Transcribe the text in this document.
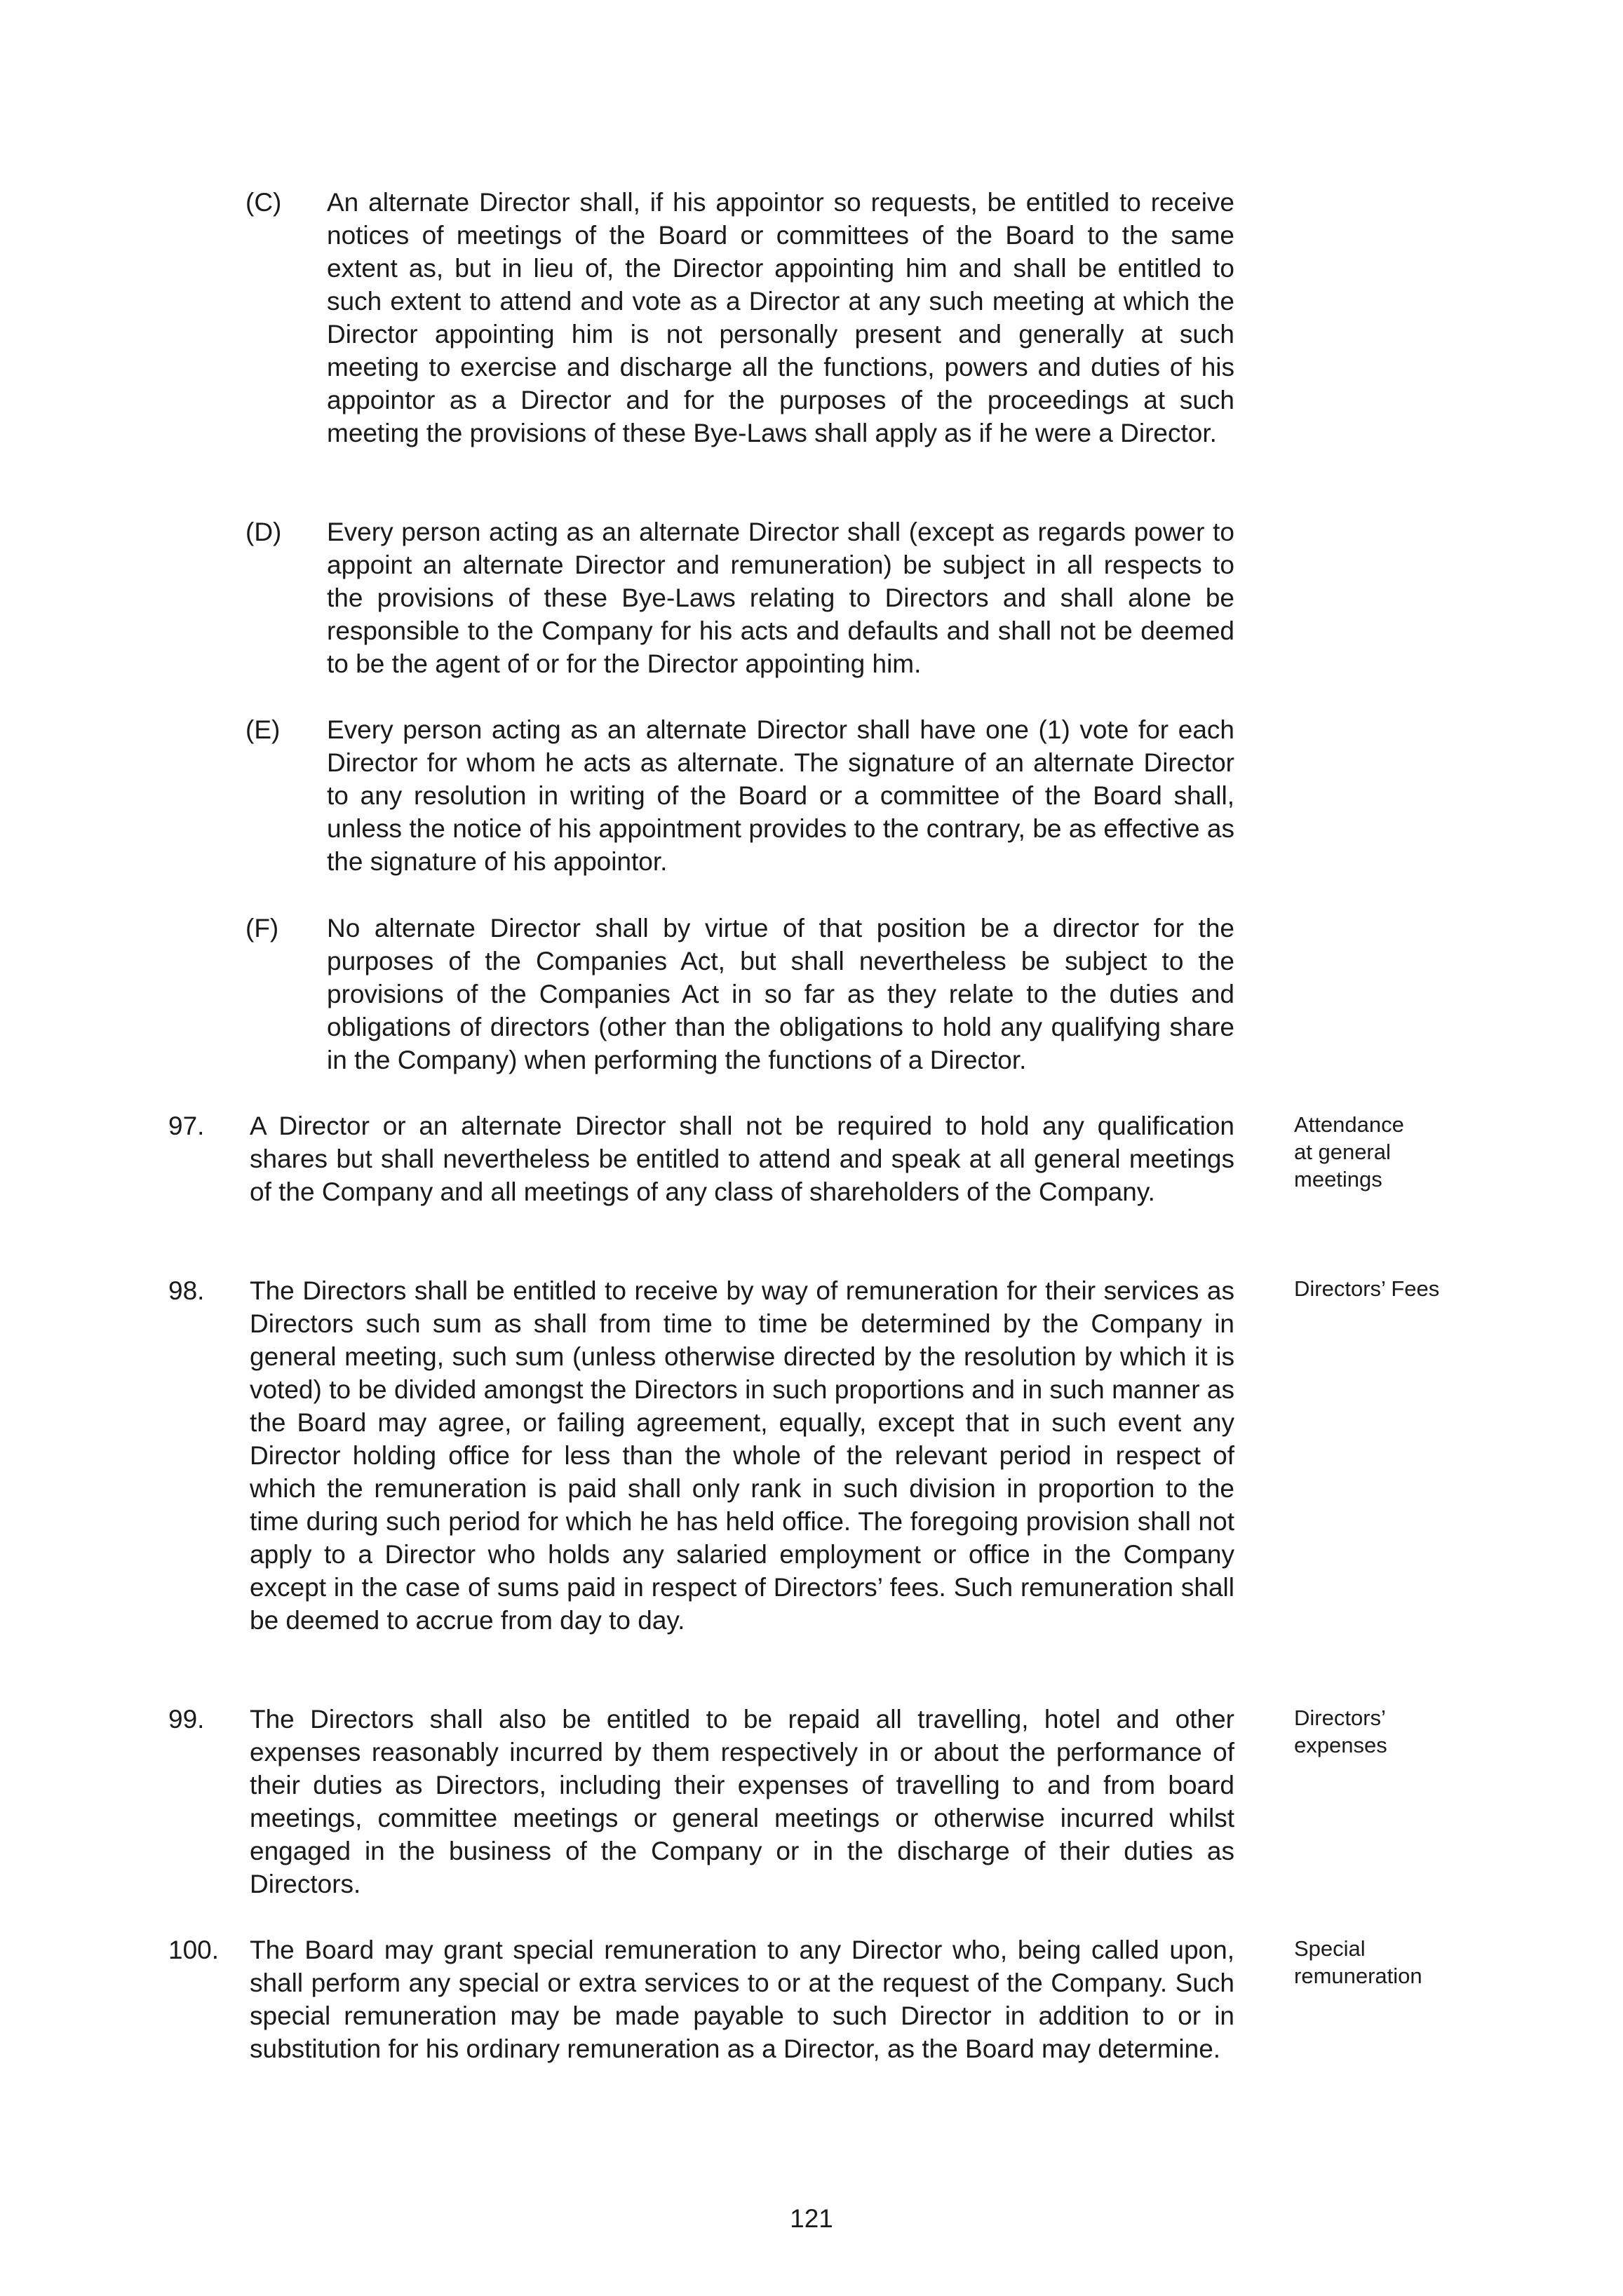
(C) An alternate Director shall, if his appointor so requests, be entitled to receive notices of meetings of the Board or committees of the Board to the same extent as, but in lieu of, the Director appointing him and shall be entitled to such extent to attend and vote as a Director at any such meeting at which the Director appointing him is not personally present and generally at such meeting to exercise and discharge all the functions, powers and duties of his appointor as a Director and for the purposes of the proceedings at such meeting the provisions of these Bye-Laws shall apply as if he were a Director.
(D) Every person acting as an alternate Director shall (except as regards power to appoint an alternate Director and remuneration) be subject in all respects to the provisions of these Bye-Laws relating to Directors and shall alone be responsible to the Company for his acts and defaults and shall not be deemed to be the agent of or for the Director appointing him.
(E) Every person acting as an alternate Director shall have one (1) vote for each Director for whom he acts as alternate. The signature of an alternate Director to any resolution in writing of the Board or a committee of the Board shall, unless the notice of his appointment provides to the contrary, be as effective as the signature of his appointor.
(F) No alternate Director shall by virtue of that position be a director for the purposes of the Companies Act, but shall nevertheless be subject to the provisions of the Companies Act in so far as they relate to the duties and obligations of directors (other than the obligations to hold any qualifying share in the Company) when performing the functions of a Director.
97. A Director or an alternate Director shall not be required to hold any qualification shares but shall nevertheless be entitled to attend and speak at all general meetings of the Company and all meetings of any class of shareholders of the Company.
Attendance
at general
meetings
98. The Directors shall be entitled to receive by way of remuneration for their services as Directors such sum as shall from time to time be determined by the Company in general meeting, such sum (unless otherwise directed by the resolution by which it is voted) to be divided amongst the Directors in such proportions and in such manner as the Board may agree, or failing agreement, equally, except that in such event any Director holding office for less than the whole of the relevant period in respect of which the remuneration is paid shall only rank in such division in proportion to the time during such period for which he has held office. The foregoing provision shall not apply to a Director who holds any salaried employment or office in the Company except in the case of sums paid in respect of Directors’ fees. Such remuneration shall be deemed to accrue from day to day.
Directors’ Fees
99. The Directors shall also be entitled to be repaid all travelling, hotel and other expenses reasonably incurred by them respectively in or about the performance of their duties as Directors, including their expenses of travelling to and from board meetings, committee meetings or general meetings or otherwise incurred whilst engaged in the business of the Company or in the discharge of their duties as Directors.
Directors’
expenses
100. The Board may grant special remuneration to any Director who, being called upon, shall perform any special or extra services to or at the request of the Company. Such special remuneration may be made payable to such Director in addition to or in substitution for his ordinary remuneration as a Director, as the Board may determine.
Special
remuneration
121
